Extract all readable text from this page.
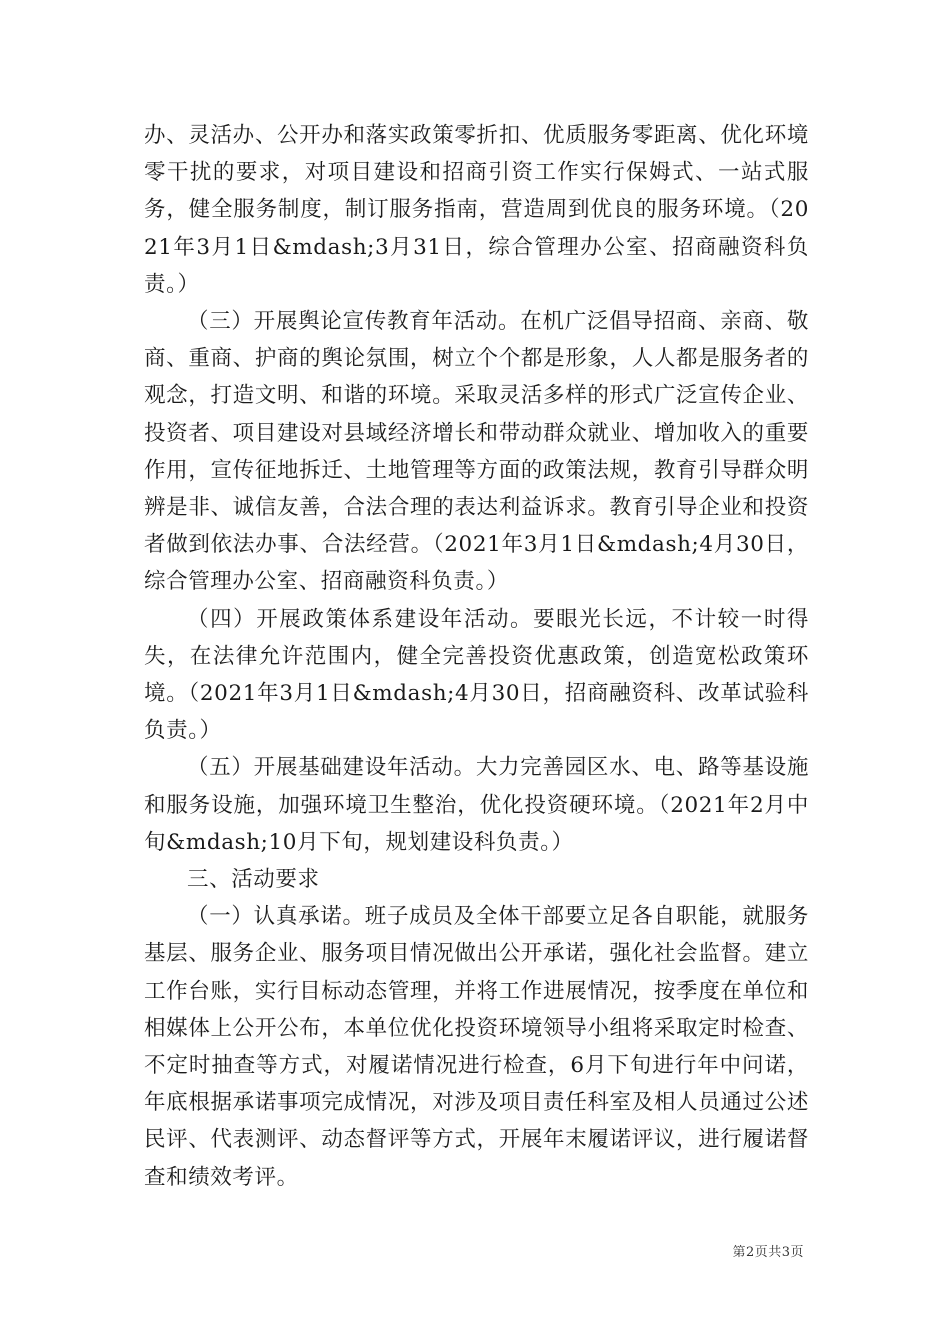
办、灵活办、公开办和落实政策零折扣、优质服务零距离、优化环境零干扰的要求，对项目建设和招商引资工作实行保姆式、一站式服务，健全服务制度，制订服务指南，营造周到优良的服务环境。（2021年3月1日&mdash;3月31日，综合管理办公室、招商融资科负责。）

（三）开展舆论宣传教育年活动。在机广泛倡导招商、亲商、敬商、重商、护商的舆论氛围，树立个个都是形象，人人都是服务者的观念，打造文明、和谐的环境。采取灵活多样的形式广泛宣传企业、投资者、项目建设对县域经济增长和带动群众就业、增加收入的重要作用，宣传征地拆迁、土地管理等方面的政策法规，教育引导群众明辨是非、诚信友善，合法合理的表达利益诉求。教育引导企业和投资者做到依法办事、合法经营。（2021年3月1日&mdash;4月30日，综合管理办公室、招商融资科负责。）

（四）开展政策体系建设年活动。要眼光长远，不计较一时得失，在法律允许范围内，健全完善投资优惠政策，创造宽松政策环境。（2021年3月1日&mdash;4月30日，招商融资科、改革试验科负责。）

（五）开展基础建设年活动。大力完善园区水、电、路等基设施和服务设施，加强环境卫生整治，优化投资硬环境。（2021年2月中旬&mdash;10月下旬，规划建设科负责。）

三、活动要求

（一）认真承诺。班子成员及全体干部要立足各自职能，就服务基层、服务企业、服务项目情况做出公开承诺，强化社会监督。建立工作台账，实行目标动态管理，并将工作进展情况，按季度在单位和相媒体上公开公布，本单位优化投资环境领导小组将采取定时检查、不定时抽查等方式，对履诺情况进行检查，6月下旬进行年中问诺，年底根据承诺事项完成情况，对涉及项目责任科室及相人员通过公述民评、代表测评、动态督评等方式，开展年末履诺评议，进行履诺督查和绩效考评。

第2页共3页
